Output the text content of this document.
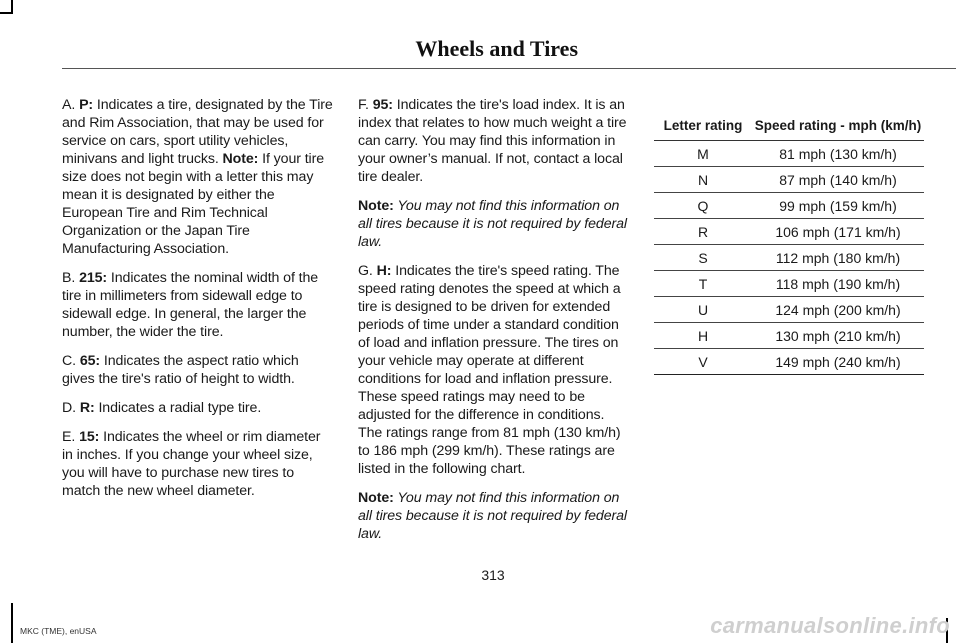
Wheels and Tires

A. P: Indicates a tire, designated by the Tire and Rim Association, that may be used for service on cars, sport utility vehicles, minivans and light trucks. Note: If your tire size does not begin with a letter this may mean it is designated by either the European Tire and Rim Technical Organization or the Japan Tire Manufacturing Association.

B. 215: Indicates the nominal width of the tire in millimeters from sidewall edge to sidewall edge. In general, the larger the number, the wider the tire.

C. 65: Indicates the aspect ratio which gives the tire's ratio of height to width.

D. R: Indicates a radial type tire.

E. 15: Indicates the wheel or rim diameter in inches. If you change your wheel size, you will have to purchase new tires to match the new wheel diameter.

F. 95: Indicates the tire's load index. It is an index that relates to how much weight a tire can carry. You may find this information in your owner’s manual. If not, contact a local tire dealer.

Note: You may not find this information on all tires because it is not required by federal law.

G. H: Indicates the tire's speed rating. The speed rating denotes the speed at which a tire is designed to be driven for extended periods of time under a standard condition of load and inflation pressure. The tires on your vehicle may operate at different conditions for load and inflation pressure. These speed ratings may need to be adjusted for the difference in conditions. The ratings range from 81 mph (130 km/h) to 186 mph (299 km/h). These ratings are listed in the following chart.

Note: You may not find this information on all tires because it is not required by federal law.

Letter rating	Speed rating - mph (km/h)
M	81 mph (130 km/h)
N	87 mph (140 km/h)
Q	99 mph (159 km/h)
R	106 mph (171 km/h)
S	112 mph (180 km/h)
T	118 mph (190 km/h)
U	124 mph (200 km/h)
H	130 mph (210 km/h)
V	149 mph (240 km/h)
313
MKC (TME), enUSA	carmanualsonline.info
